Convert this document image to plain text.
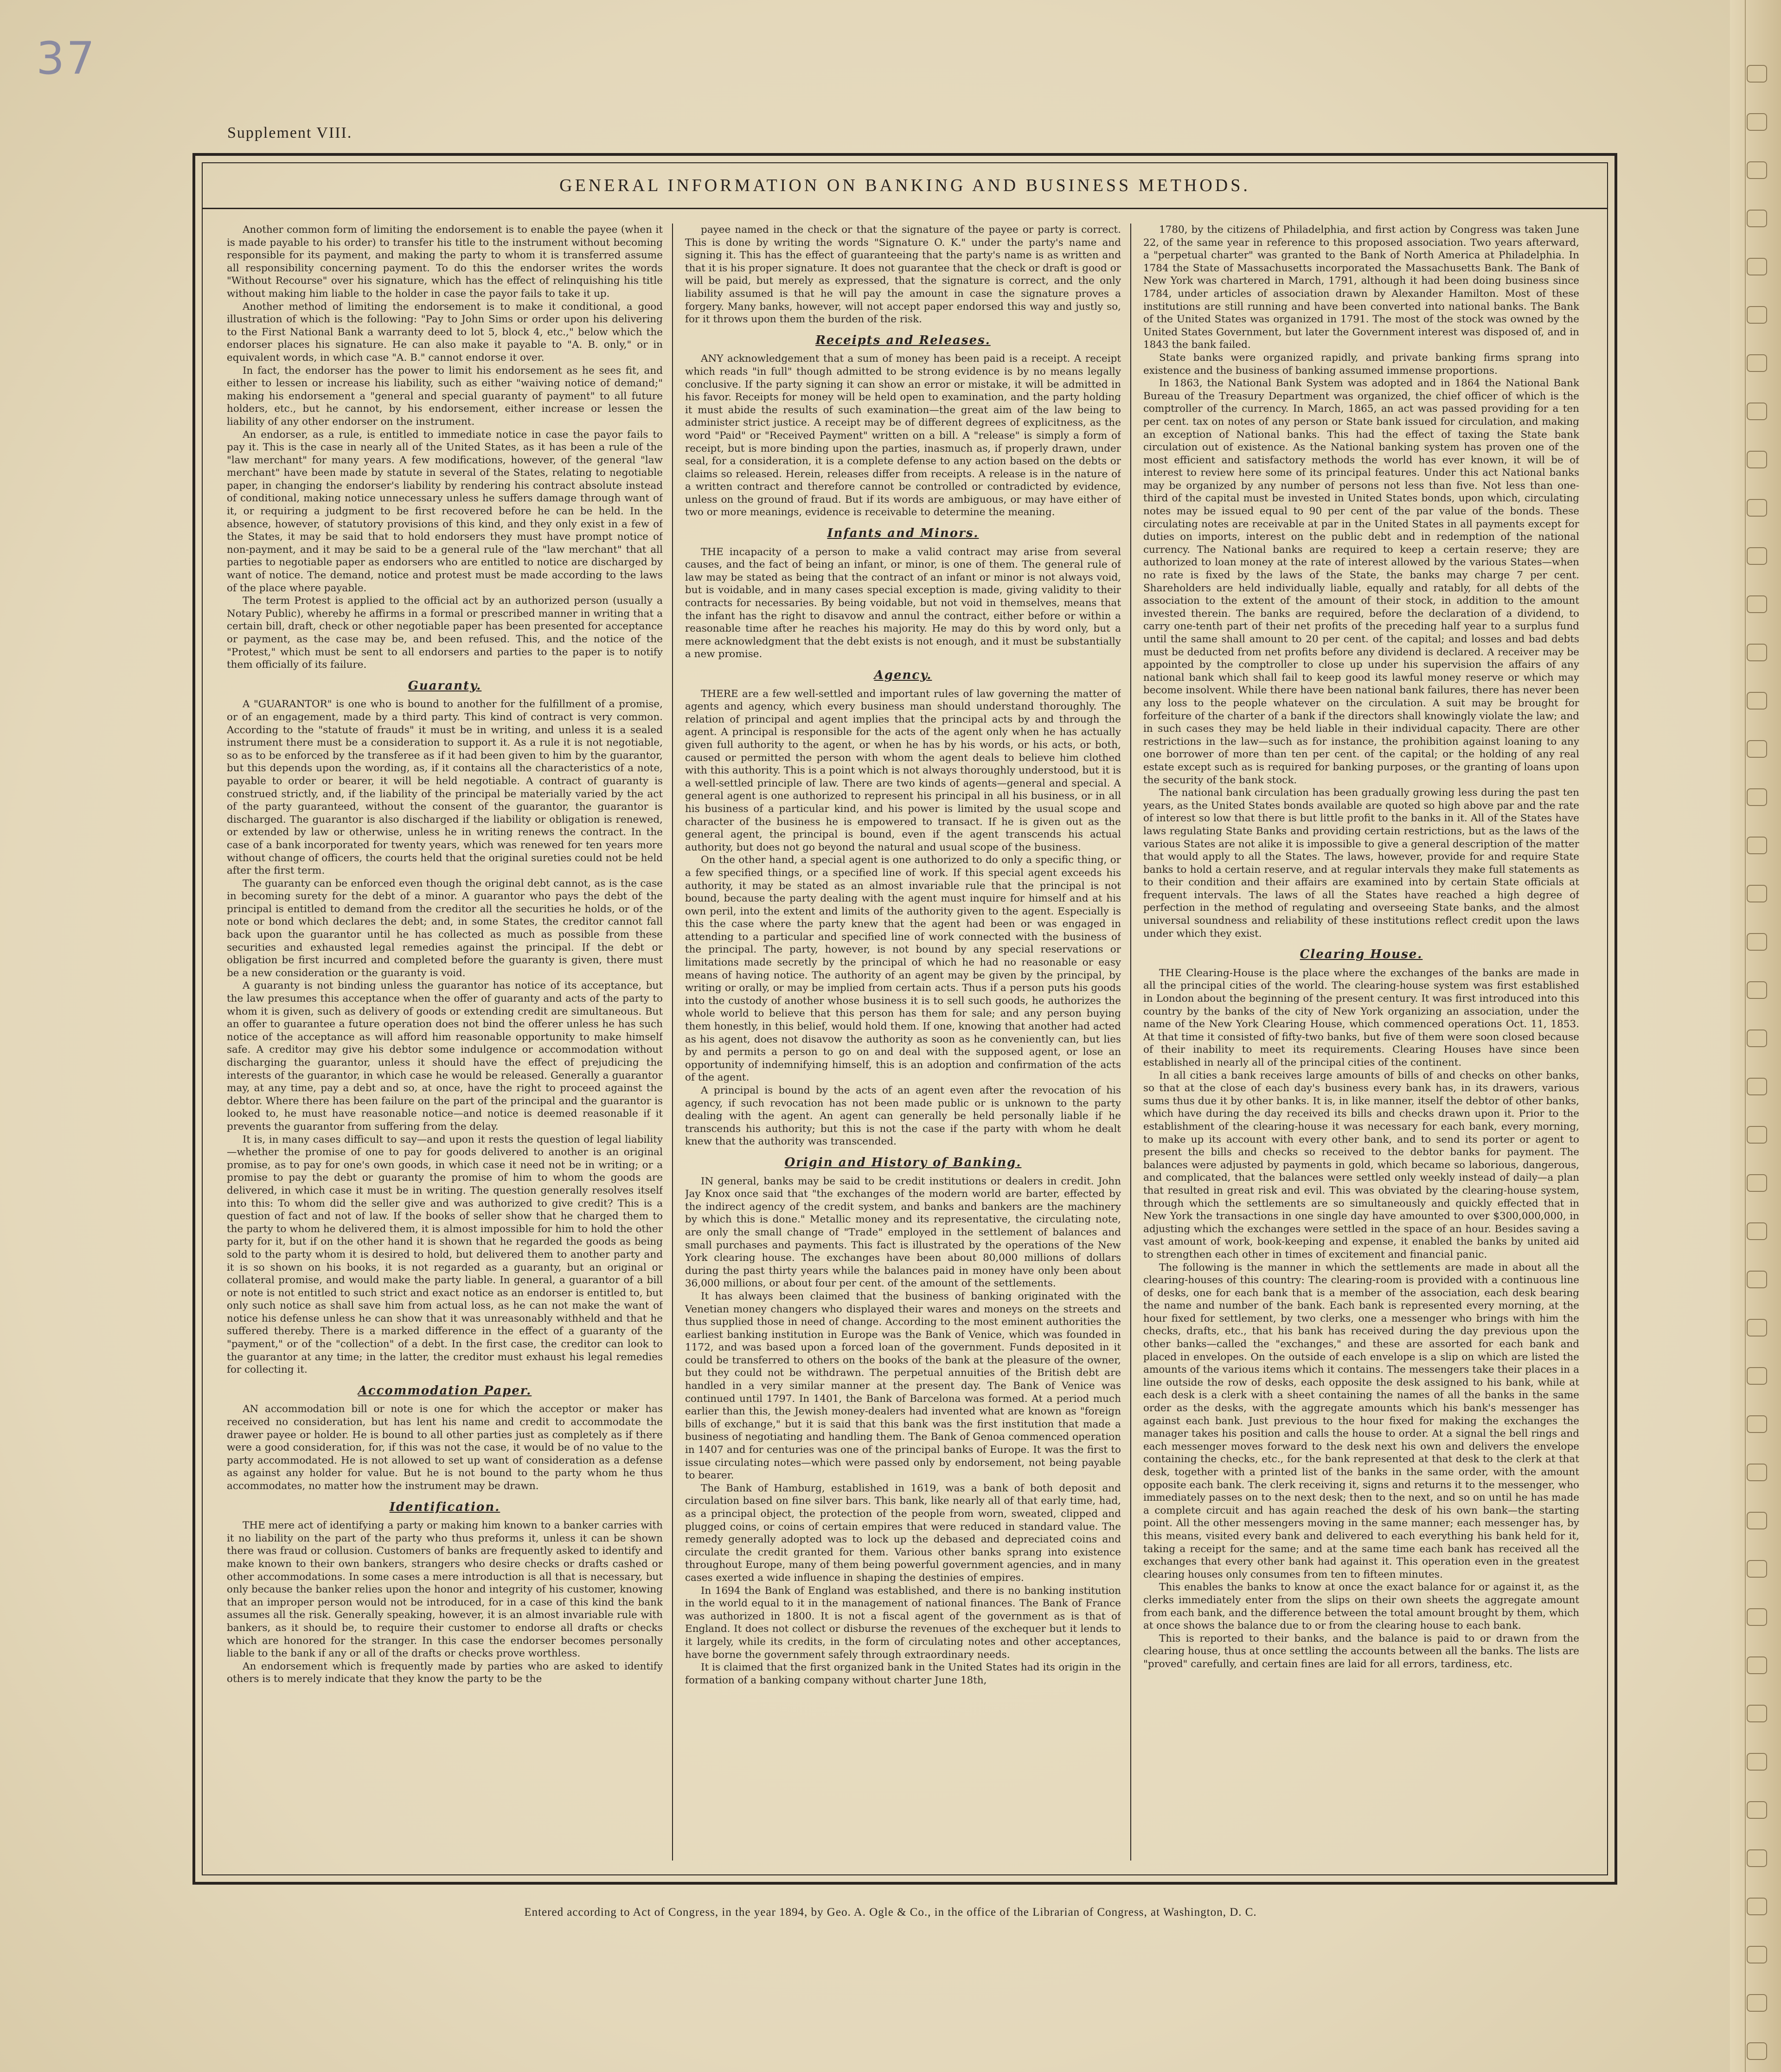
37
Supplement VIII.
GENERAL INFORMATION ON BANKING AND BUSINESS METHODS.

Another common form of limiting the endorsement is to enable the payee (when it is made payable to his order) to transfer his title to the instrument without becoming responsible for its payment, and making the party to whom it is transferred assume all responsibility concerning payment. To do this the endorser writes the words "Without Recourse" over his signature, which has the effect of relinquishing his title without making him liable to the holder in case the payor fails to take it up.

Another method of limiting the endorsement is to make it conditional, a good illustration of which is the following: "Pay to John Sims or order upon his delivering to the First National Bank a warranty deed to lot 5, block 4, etc.," below which the endorser places his signature. He can also make it payable to "A. B. only," or in equivalent words, in which case "A. B." cannot endorse it over.

In fact, the endorser has the power to limit his endorsement as he sees fit, and either to lessen or increase his liability, such as either "waiving notice of demand;" making his endorsement a "general and special guaranty of payment" to all future holders, etc., but he cannot, by his endorsement, either increase or lessen the liability of any other endorser on the instrument.

An endorser, as a rule, is entitled to immediate notice in case the payor fails to pay it. This is the case in nearly all of the United States, as it has been a rule of the "law merchant" for many years. A few modifications, however, of the general "law merchant" have been made by statute in several of the States, relating to negotiable paper, in changing the endorser's liability by rendering his contract absolute instead of conditional, making notice unnecessary unless he suffers damage through want of it, or requiring a judgment to be first recovered before he can be held. In the absence, however, of statutory provisions of this kind, and they only exist in a few of the States, it may be said that to hold endorsers they must have prompt notice of non-payment, and it may be said to be a general rule of the "law merchant" that all parties to negotiable paper as endorsers who are entitled to notice are discharged by want of notice. The demand, notice and protest must be made according to the laws of the place where payable.

The term Protest is applied to the official act by an authorized person (usually a Notary Public), whereby he affirms in a formal or prescribed manner in writing that a certain bill, draft, check or other negotiable paper has been presented for acceptance or payment, as the case may be, and been refused. This, and the notice of the "Protest," which must be sent to all endorsers and parties to the paper is to notify them officially of its failure.

Guaranty.

A "GUARANTOR" is one who is bound to another for the fulfillment of a promise, or of an engagement, made by a third party. This kind of contract is very common. According to the "statute of frauds" it must be in writing, and unless it is a sealed instrument there must be a consideration to support it. As a rule it is not negotiable, so as to be enforced by the transferee as if it had been given to him by the guarantor, but this depends upon the wording, as, if it contains all the characteristics of a note, payable to order or bearer, it will be held negotiable. A contract of guaranty is construed strictly, and, if the liability of the principal be materially varied by the act of the party guaranteed, without the consent of the guarantor, the guarantor is discharged. The guarantor is also discharged if the liability or obligation is renewed, or extended by law or otherwise, unless he in writing renews the contract. In the case of a bank incorporated for twenty years, which was renewed for ten years more without change of officers, the courts held that the original sureties could not be held after the first term.

The guaranty can be enforced even though the original debt cannot, as is the case in becoming surety for the debt of a minor. A guarantor who pays the debt of the principal is entitled to demand from the creditor all the securities he holds, or of the note or bond which declares the debt; and, in some States, the creditor cannot fall back upon the guarantor until he has collected as much as possible from these securities and exhausted legal remedies against the principal. If the debt or obligation be first incurred and completed before the guaranty is given, there must be a new consideration or the guaranty is void.

A guaranty is not binding unless the guarantor has notice of its acceptance, but the law presumes this acceptance when the offer of guaranty and acts of the party to whom it is given, such as delivery of goods or extending credit are simultaneous. But an offer to guarantee a future operation does not bind the offerer unless he has such notice of the acceptance as will afford him reasonable opportunity to make himself safe. A creditor may give his debtor some indulgence or accommodation without discharging the guarantor, unless it should have the effect of prejudicing the interests of the guarantor, in which case he would be released. Generally a guarantor may, at any time, pay a debt and so, at once, have the right to proceed against the debtor. Where there has been failure on the part of the principal and the guarantor is looked to, he must have reasonable notice—and notice is deemed reasonable if it prevents the guarantor from suffering from the delay.

It is, in many cases difficult to say—and upon it rests the question of legal liability—whether the promise of one to pay for goods delivered to another is an original promise, as to pay for one's own goods, in which case it need not be in writing; or a promise to pay the debt or guaranty the promise of him to whom the goods are delivered, in which case it must be in writing. The question generally resolves itself into this: To whom did the seller give and was authorized to give credit? This is a question of fact and not of law. If the books of seller show that he charged them to the party to whom he delivered them, it is almost impossible for him to hold the other party for it, but if on the other hand it is shown that he regarded the goods as being sold to the party whom it is desired to hold, but delivered them to another party and it is so shown on his books, it is not regarded as a guaranty, but an original or collateral promise, and would make the party liable. In general, a guarantor of a bill or note is not entitled to such strict and exact notice as an endorser is entitled to, but only such notice as shall save him from actual loss, as he can not make the want of notice his defense unless he can show that it was unreasonably withheld and that he suffered thereby. There is a marked difference in the effect of a guaranty of the "payment," or of the "collection" of a debt. In the first case, the creditor can look to the guarantor at any time; in the latter, the creditor must exhaust his legal remedies for collecting it.

Accommodation Paper.

AN accommodation bill or note is one for which the acceptor or maker has received no consideration, but has lent his name and credit to accommodate the drawer payee or holder. He is bound to all other parties just as completely as if there were a good consideration, for, if this was not the case, it would be of no value to the party accommodated. He is not allowed to set up want of consideration as a defense as against any holder for value. But he is not bound to the party whom he thus accommodates, no matter how the instrument may be drawn.

Identification.

THE mere act of identifying a party or making him known to a banker carries with it no liability on the part of the party who thus preforms it, unless it can be shown there was fraud or collusion. Customers of banks are frequently asked to identify and make known to their own bankers, strangers who desire checks or drafts cashed or other accommodations. In some cases a mere introduction is all that is necessary, but only because the banker relies upon the honor and integrity of his customer, knowing that an improper person would not be introduced, for in a case of this kind the bank assumes all the risk. Generally speaking, however, it is an almost invariable rule with bankers, as it should be, to require their customer to endorse all drafts or checks which are honored for the stranger. In this case the endorser becomes personally liable to the bank if any or all of the drafts or checks prove worthless.

An endorsement which is frequently made by parties who are asked to identify others is to merely indicate that they know the party to be the

payee named in the check or that the signature of the payee or party is correct. This is done by writing the words "Signature O. K." under the party's name and signing it. This has the effect of guaranteeing that the party's name is as written and that it is his proper signature. It does not guarantee that the check or draft is good or will be paid, but merely as expressed, that the signature is correct, and the only liability assumed is that he will pay the amount in case the signature proves a forgery. Many banks, however, will not accept paper endorsed this way and justly so, for it throws upon them the burden of the risk.

Receipts and Releases.

ANY acknowledgement that a sum of money has been paid is a receipt. A receipt which reads "in full" though admitted to be strong evidence is by no means legally conclusive. If the party signing it can show an error or mistake, it will be admitted in his favor. Receipts for money will be held open to examination, and the party holding it must abide the results of such examination—the great aim of the law being to administer strict justice. A receipt may be of different degrees of explicitness, as the word "Paid" or "Received Payment" written on a bill. A "release" is simply a form of receipt, but is more binding upon the parties, inasmuch as, if properly drawn, under seal, for a consideration, it is a complete defense to any action based on the debts or claims so released. Herein, releases differ from receipts. A release is in the nature of a written contract and therefore cannot be controlled or contradicted by evidence, unless on the ground of fraud. But if its words are ambiguous, or may have either of two or more meanings, evidence is receivable to determine the meaning.

Infants and Minors.

THE incapacity of a person to make a valid contract may arise from several causes, and the fact of being an infant, or minor, is one of them. The general rule of law may be stated as being that the contract of an infant or minor is not always void, but is voidable, and in many cases special exception is made, giving validity to their contracts for necessaries. By being voidable, but not void in themselves, means that the infant has the right to disavow and annul the contract, either before or within a reasonable time after he reaches his majority. He may do this by word only, but a mere acknowledgment that the debt exists is not enough, and it must be substantially a new promise.

Agency.

THERE are a few well-settled and important rules of law governing the matter of agents and agency, which every business man should understand thoroughly. The relation of principal and agent implies that the principal acts by and through the agent. A principal is responsible for the acts of the agent only when he has actually given full authority to the agent, or when he has by his words, or his acts, or both, caused or permitted the person with whom the agent deals to believe him clothed with this authority. This is a point which is not always thoroughly understood, but it is a well-settled principle of law. There are two kinds of agents—general and special. A general agent is one authorized to represent his principal in all his business, or in all his business of a particular kind, and his power is limited by the usual scope and character of the business he is empowered to transact. If he is given out as the general agent, the principal is bound, even if the agent transcends his actual authority, but does not go beyond the natural and usual scope of the business.

On the other hand, a special agent is one authorized to do only a specific thing, or a few specified things, or a specified line of work. If this special agent exceeds his authority, it may be stated as an almost invariable rule that the principal is not bound, because the party dealing with the agent must inquire for himself and at his own peril, into the extent and limits of the authority given to the agent. Especially is this the case where the party knew that the agent had been or was engaged in attending to a particular and specified line of work connected with the business of the principal. The party, however, is not bound by any special reservations or limitations made secretly by the principal of which he had no reasonable or easy means of having notice. The authority of an agent may be given by the principal, by writing or orally, or may be implied from certain acts. Thus if a person puts his goods into the custody of another whose business it is to sell such goods, he authorizes the whole world to believe that this person has them for sale; and any person buying them honestly, in this belief, would hold them. If one, knowing that another had acted as his agent, does not disavow the authority as soon as he conveniently can, but lies by and permits a person to go on and deal with the supposed agent, or lose an opportunity of indemnifying himself, this is an adoption and confirmation of the acts of the agent.

A principal is bound by the acts of an agent even after the revocation of his agency, if such revocation has not been made public or is unknown to the party dealing with the agent. An agent can generally be held personally liable if he transcends his authority; but this is not the case if the party with whom he dealt knew that the authority was transcended.

Origin and History of Banking.

IN general, banks may be said to be credit institutions or dealers in credit. John Jay Knox once said that "the exchanges of the modern world are barter, effected by the indirect agency of the credit system, and banks and bankers are the machinery by which this is done." Metallic money and its representative, the circulating note, are only the small change of "Trade" employed in the settlement of balances and small purchases and payments. This fact is illustrated by the operations of the New York clearing house. The exchanges have been about 80,000 millions of dollars during the past thirty years while the balances paid in money have only been about 36,000 millions, or about four per cent. of the amount of the settlements.

It has always been claimed that the business of banking originated with the Venetian money changers who displayed their wares and moneys on the streets and thus supplied those in need of change. According to the most eminent authorities the earliest banking institution in Europe was the Bank of Venice, which was founded in 1172, and was based upon a forced loan of the government. Funds deposited in it could be transferred to others on the books of the bank at the pleasure of the owner, but they could not be withdrawn. The perpetual annuities of the British debt are handled in a very similar manner at the present day. The Bank of Venice was continued until 1797. In 1401, the Bank of Barcelona was formed. At a period much earlier than this, the Jewish money-dealers had invented what are known as "foreign bills of exchange," but it is said that this bank was the first institution that made a business of negotiating and handling them. The Bank of Genoa commenced operation in 1407 and for centuries was one of the principal banks of Europe. It was the first to issue circulating notes—which were passed only by endorsement, not being payable to bearer.

The Bank of Hamburg, established in 1619, was a bank of both deposit and circulation based on fine silver bars. This bank, like nearly all of that early time, had, as a principal object, the protection of the people from worn, sweated, clipped and plugged coins, or coins of certain empires that were reduced in standard value. The remedy generally adopted was to lock up the debased and depreciated coins and circulate the credit granted for them. Various other banks sprang into existence throughout Europe, many of them being powerful government agencies, and in many cases exerted a wide influence in shaping the destinies of empires.

In 1694 the Bank of England was established, and there is no banking institution in the world equal to it in the management of national finances. The Bank of France was authorized in 1800. It is not a fiscal agent of the government as is that of England. It does not collect or disburse the revenues of the exchequer but it lends to it largely, while its credits, in the form of circulating notes and other acceptances, have borne the government safely through extraordinary needs.

It is claimed that the first organized bank in the United States had its origin in the formation of a banking company without charter June 18th,

1780, by the citizens of Philadelphia, and first action by Congress was taken June 22, of the same year in reference to this proposed association. Two years afterward, a "perpetual charter" was granted to the Bank of North America at Philadelphia. In 1784 the State of Massachusetts incorporated the Massachusetts Bank. The Bank of New York was chartered in March, 1791, although it had been doing business since 1784, under articles of association drawn by Alexander Hamilton. Most of these institutions are still running and have been converted into national banks. The Bank of the United States was organized in 1791. The most of the stock was owned by the United States Government, but later the Government interest was disposed of, and in 1843 the bank failed.

State banks were organized rapidly, and private banking firms sprang into existence and the business of banking assumed immense proportions.

In 1863, the National Bank System was adopted and in 1864 the National Bank Bureau of the Treasury Department was organized, the chief officer of which is the comptroller of the currency. In March, 1865, an act was passed providing for a ten per cent. tax on notes of any person or State bank issued for circulation, and making an exception of National banks. This had the effect of taxing the State bank circulation out of existence. As the National banking system has proven one of the most efficient and satisfactory methods the world has ever known, it will be of interest to review here some of its principal features. Under this act National banks may be organized by any number of persons not less than five. Not less than one-third of the capital must be invested in United States bonds, upon which, circulating notes may be issued equal to 90 per cent of the par value of the bonds. These circulating notes are receivable at par in the United States in all payments except for duties on imports, interest on the public debt and in redemption of the national currency. The National banks are required to keep a certain reserve; they are authorized to loan money at the rate of interest allowed by the various States—when no rate is fixed by the laws of the State, the banks may charge 7 per cent. Shareholders are held individually liable, equally and ratably, for all debts of the association to the extent of the amount of their stock, in addition to the amount invested therein. The banks are required, before the declaration of a dividend, to carry one-tenth part of their net profits of the preceding half year to a surplus fund until the same shall amount to 20 per cent. of the capital; and losses and bad debts must be deducted from net profits before any dividend is declared. A receiver may be appointed by the comptroller to close up under his supervision the affairs of any national bank which shall fail to keep good its lawful money reserve or which may become insolvent. While there have been national bank failures, there has never been any loss to the people whatever on the circulation. A suit may be brought for forfeiture of the charter of a bank if the directors shall knowingly violate the law; and in such cases they may be held liable in their individual capacity. There are other restrictions in the law—such as for instance, the prohibition against loaning to any one borrower of more than ten per cent. of the capital; or the holding of any real estate except such as is required for banking purposes, or the granting of loans upon the security of the bank stock.

The national bank circulation has been gradually growing less during the past ten years, as the United States bonds available are quoted so high above par and the rate of interest so low that there is but little profit to the banks in it. All of the States have laws regulating State Banks and providing certain restrictions, but as the laws of the various States are not alike it is impossible to give a general description of the matter that would apply to all the States. The laws, however, provide for and require State banks to hold a certain reserve, and at regular intervals they make full statements as to their condition and their affairs are examined into by certain State officials at frequent intervals. The laws of all the States have reached a high degree of perfection in the method of regulating and overseeing State banks, and the almost universal soundness and reliability of these institutions reflect credit upon the laws under which they exist.

Clearing House.

THE Clearing-House is the place where the exchanges of the banks are made in all the principal cities of the world. The clearing-house system was first established in London about the beginning of the present century. It was first introduced into this country by the banks of the city of New York organizing an association, under the name of the New York Clearing House, which commenced operations Oct. 11, 1853. At that time it consisted of fifty-two banks, but five of them were soon closed because of their inability to meet its requirements. Clearing Houses have since been established in nearly all of the principal cities of the continent.

In all cities a bank receives large amounts of bills of and checks on other banks, so that at the close of each day's business every bank has, in its drawers, various sums thus due it by other banks. It is, in like manner, itself the debtor of other banks, which have during the day received its bills and checks drawn upon it. Prior to the establishment of the clearing-house it was necessary for each bank, every morning, to make up its account with every other bank, and to send its porter or agent to present the bills and checks so received to the debtor banks for payment. The balances were adjusted by payments in gold, which became so laborious, dangerous, and complicated, that the balances were settled only weekly instead of daily—a plan that resulted in great risk and evil. This was obviated by the clearing-house system, through which the settlements are so simultaneously and quickly effected that in New York the transactions in one single day have amounted to over $300,000,000, in adjusting which the exchanges were settled in the space of an hour. Besides saving a vast amount of work, book-keeping and expense, it enabled the banks by united aid to strengthen each other in times of excitement and financial panic.

The following is the manner in which the settlements are made in about all the clearing-houses of this country: The clearing-room is provided with a continuous line of desks, one for each bank that is a member of the association, each desk bearing the name and number of the bank. Each bank is represented every morning, at the hour fixed for settlement, by two clerks, one a messenger who brings with him the checks, drafts, etc., that his bank has received during the day previous upon the other banks—called the "exchanges," and these are assorted for each bank and placed in envelopes. On the outside of each envelope is a slip on which are listed the amounts of the various items which it contains. The messengers take their places in a line outside the row of desks, each opposite the desk assigned to his bank, while at each desk is a clerk with a sheet containing the names of all the banks in the same order as the desks, with the aggregate amounts which his bank's messenger has against each bank. Just previous to the hour fixed for making the exchanges the manager takes his position and calls the house to order. At a signal the bell rings and each messenger moves forward to the desk next his own and delivers the envelope containing the checks, etc., for the bank represented at that desk to the clerk at that desk, together with a printed list of the banks in the same order, with the amount opposite each bank. The clerk receiving it, signs and returns it to the messenger, who immediately passes on to the next desk; then to the next, and so on until he has made a complete circuit and has again reached the desk of his own bank—the starting point. All the other messengers moving in the same manner; each messenger has, by this means, visited every bank and delivered to each everything his bank held for it, taking a receipt for the same; and at the same time each bank has received all the exchanges that every other bank had against it. This operation even in the greatest clearing houses only consumes from ten to fifteen minutes.

This enables the banks to know at once the exact balance for or against it, as the clerks immediately enter from the slips on their own sheets the aggregate amount from each bank, and the difference between the total amount brought by them, which at once shows the balance due to or from the clearing house to each bank.

This is reported to their banks, and the balance is paid to or drawn from the clearing house, thus at once settling the accounts between all the banks. The lists are "proved" carefully, and certain fines are laid for all errors, tardiness, etc.

Entered according to Act of Congress, in the year 1894, by Geo. A. Ogle & Co., in the office of the Librarian of Congress, at Washington, D. C.
